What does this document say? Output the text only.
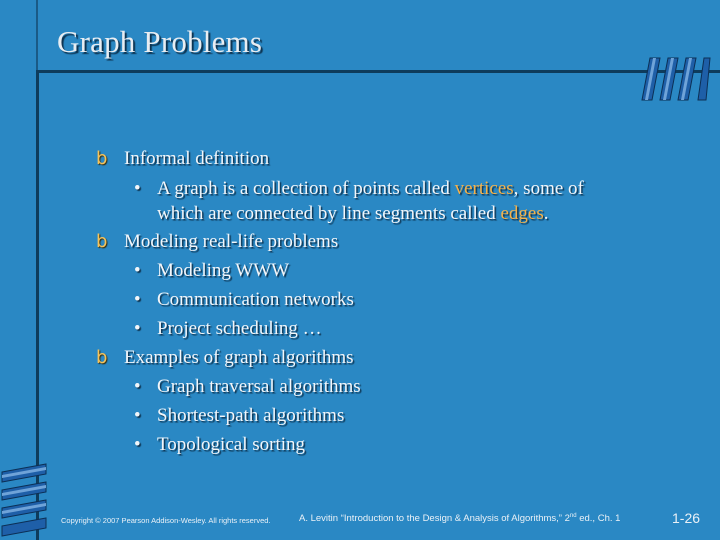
Graph Problems
b Informal definition
• A graph is a collection of points called vertices, some of
which are connected by line segments called edges.
b Modeling real-life problems
• Modeling WWW
• Communication networks
• Project scheduling …
b Examples of graph algorithms
• Graph traversal algorithms
• Shortest-path algorithms
• Topological sorting
Copyright © 2007 Pearson Addison-Wesley. All rights reserved.	A. Levitin “Introduction to the Design & Analysis of Algorithms,” 2nd ed., Ch. 1	1-26
